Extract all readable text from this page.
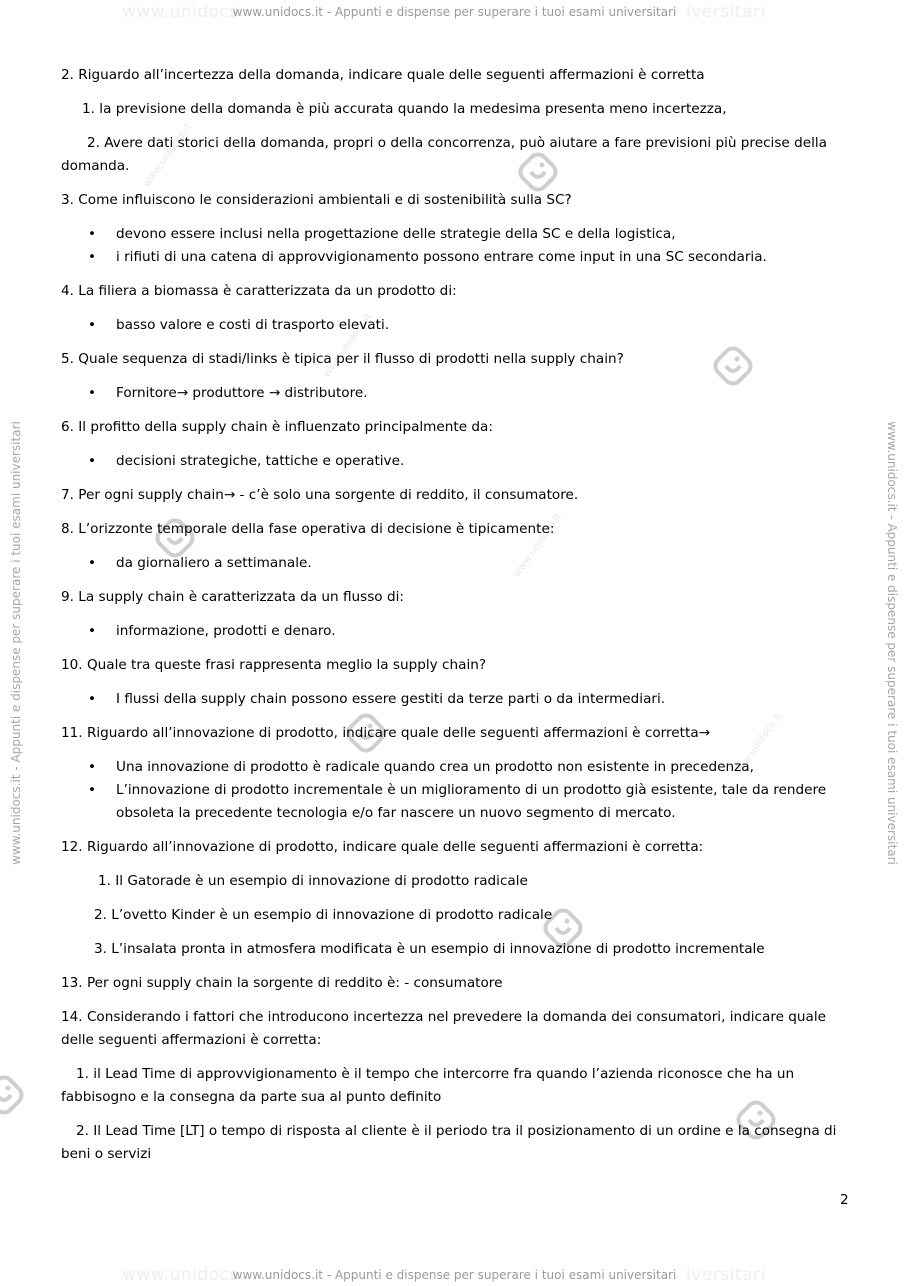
www.unidocs	iversitari
www.unidocs	iversitari
www.unidocs.it - Appunti e dispense per superare i tuoi esami universitari
www.unidocs.it - Appunti e dispense per superare i tuoi esami universitari
www.unidocs.it - Appunti e dispense per superare i tuoi esami universitari	www.unidocs.it - Appunti e dispense per superare i tuoi esami universitari
www.unidocs.it
www.unidocs.it
www.unidocs.it
www.unidocs.it

2. Riguardo all’incertezza della domanda, indicare quale delle seguenti affermazioni è corretta

1. la previsione della domanda è più accurata quando la medesima presenta meno incertezza,

2. Avere dati storici della domanda, propri o della concorrenza, può aiutare a fare previsioni più precise della domanda.

3. Come influiscono le considerazioni ambientali e di sostenibilità sulla SC?

• devono essere inclusi nella progettazione delle strategie della SC e della logistica,
• i rifiuti di una catena di approvvigionamento possono entrare come input in una SC secondaria.

4. La filiera a biomassa è caratterizzata da un prodotto di:

• basso valore e costi di trasporto elevati.

5. Quale sequenza di stadi/links è tipica per il flusso di prodotti nella supply chain?

• Fornitore→ produttore → distributore.

6. Il profitto della supply chain è influenzato principalmente da:

• decisioni strategiche, tattiche e operative.

7. Per ogni supply chain→ - c’è solo una sorgente di reddito, il consumatore.

8. L’orizzonte temporale della fase operativa di decisione è tipicamente:

• da giornaliero a settimanale.

9. La supply chain è caratterizzata da un flusso di:

• informazione, prodotti e denaro.

10. Quale tra queste frasi rappresenta meglio la supply chain?

• I flussi della supply chain possono essere gestiti da terze parti o da intermediari.

11. Riguardo all’innovazione di prodotto, indicare quale delle seguenti affermazioni è corretta→

• Una innovazione di prodotto è radicale quando crea un prodotto non esistente in precedenza,
• L’innovazione di prodotto incrementale è un miglioramento di un prodotto già esistente, tale da rendere obsoleta la precedente tecnologia e/o far nascere un nuovo segmento di mercato.

12. Riguardo all’innovazione di prodotto, indicare quale delle seguenti affermazioni è corretta:

1. Il Gatorade è un esempio di innovazione di prodotto radicale

2. L’ovetto Kinder è un esempio di innovazione di prodotto radicale

3. L’insalata pronta in atmosfera modificata è un esempio di innovazione di prodotto incrementale

13. Per ogni supply chain la sorgente di reddito è: - consumatore

14. Considerando i fattori che introducono incertezza nel prevedere la domanda dei consumatori, indicare quale delle seguenti affermazioni è corretta:

1. il Lead Time di approvvigionamento è il tempo che intercorre fra quando l’azienda riconosce che ha un fabbisogno e la consegna da parte sua al punto definito

2. Il Lead Time [LT] o tempo di risposta al cliente è il periodo tra il posizionamento di un ordine e la consegna di beni o servizi

2
